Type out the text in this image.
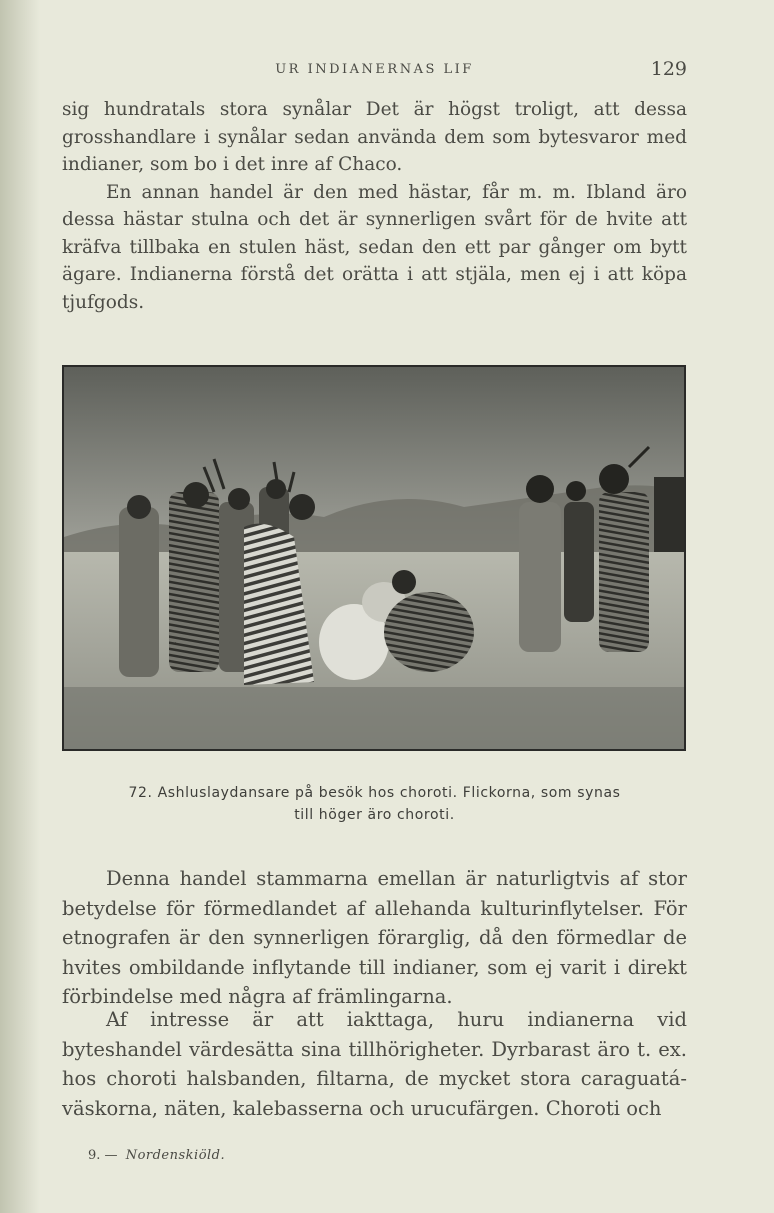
UR INDIANERNAS LIF	129

sig hundratals stora synålar Det är högst troligt, att dessa grosshandlare i synålar sedan använda dem som bytesvaror med indianer, som bo i det inre af Chaco.

En annan handel är den med hästar, får m. m. Ibland äro dessa hästar stulna och det är synnerligen svårt för de hvite att kräfva tillbaka en stulen häst, sedan den ett par gånger om bytt ägare. Indianerna förstå det orätta i att stjäla, men ej i att köpa tjufgods.

72. Ashluslaydansare på besök hos choroti. Flickorna, som synas
till höger äro choroti.

Denna handel stammarna emellan är naturligtvis af stor betydelse för förmedlandet af allehanda kulturinflytelser. För etnografen är den synnerligen förarglig, då den förmedlar de hvites ombildande inflytande till indianer, som ej varit i direkt förbindelse med några af främlingarna.

Af intresse är att iakttaga, huru indianerna vid byteshandel värdesätta sina tillhörigheter. Dyrbarast äro t. ex. hos choroti halsbanden, filtarna, de mycket stora caraguatá-väskorna, näten, kalebasserna och urucufärgen. Choroti och

9. — Nordenskiöld.
